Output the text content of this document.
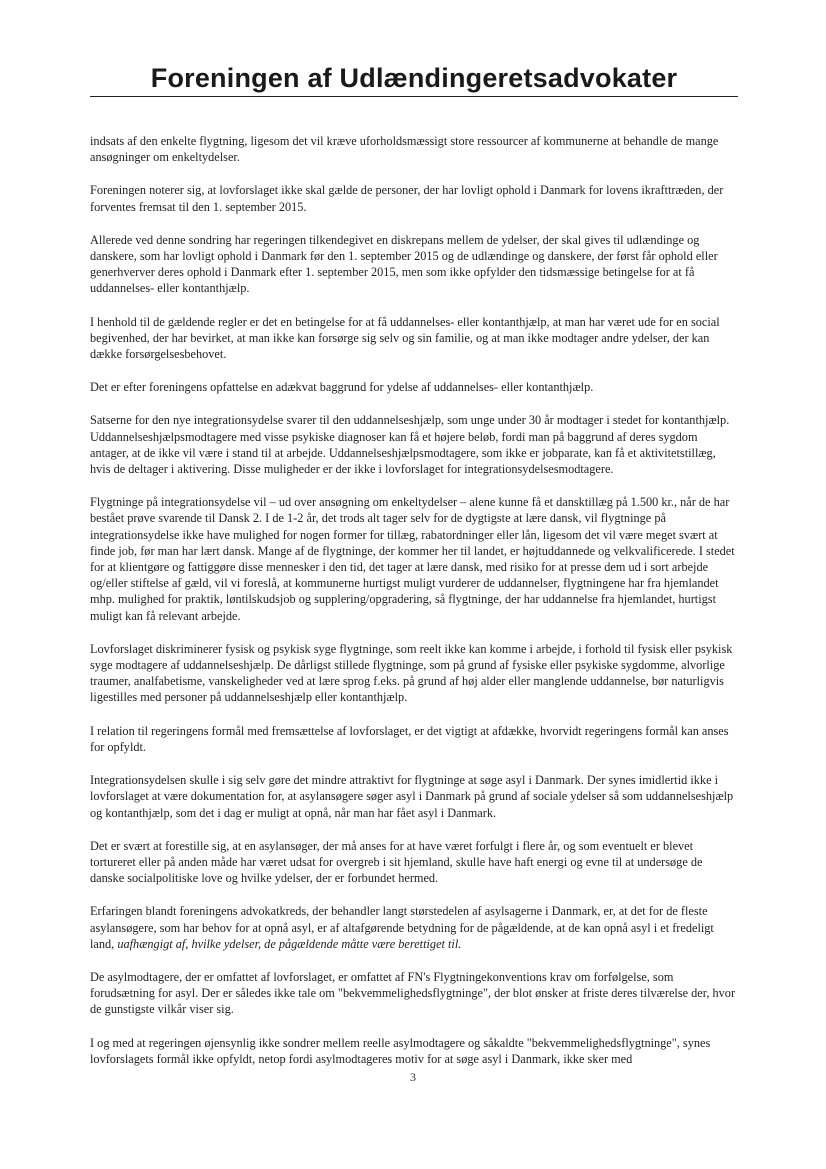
Foreningen af Udlændingeretsadvokater

indsats af den enkelte flygtning, ligesom det vil kræve uforholdsmæssigt store ressourcer af kommunerne at behandle de mange ansøgninger om enkeltydelser.

Foreningen noterer sig, at lovforslaget ikke skal gælde de personer, der har lovligt ophold i Danmark for lovens ikrafttræden, der forventes fremsat til den 1. september 2015.

Allerede ved denne sondring har regeringen tilkendegivet en diskrepans mellem de ydelser, der skal gives til udlændinge og danskere, som har lovligt ophold i Danmark før den 1. september 2015 og de udlændinge og danskere, der først får ophold eller generhverver deres ophold i Danmark efter 1. september 2015, men som ikke opfylder den tidsmæssige betingelse for at få uddannelses- eller kontanthjælp.

I henhold til de gældende regler er det en betingelse for at få uddannelses- eller kontanthjælp, at man har været ude for en social begivenhed, der har bevirket, at man ikke kan forsørge sig selv og sin familie, og at man ikke modtager andre ydelser, der kan dække forsørgelsesbehovet.

Det er efter foreningens opfattelse en adækvat baggrund for ydelse af uddannelses- eller kontanthjælp.

Satserne for den nye integrationsydelse svarer til den uddannelseshjælp, som unge under 30 år modtager i stedet for kontanthjælp. Uddannelseshjælpsmodtagere med visse psykiske diagnoser kan få et højere beløb, fordi man på baggrund af deres sygdom antager, at de ikke vil være i stand til at arbejde. Uddannelseshjælpsmodtagere, som ikke er jobparate, kan få et aktivitetstillæg, hvis de deltager i aktivering. Disse muligheder er der ikke i lovforslaget for integrationsydelsesmodtagere.

Flygtninge på integrationsydelse vil – ud over ansøgning om enkeltydelser – alene kunne få et dansktillæg på 1.500 kr., når de har bestået prøve svarende til Dansk 2. I de 1-2 år, det trods alt tager selv for de dygtigste at lære dansk, vil flygtninge på integrationsydelse ikke have mulighed for nogen former for tillæg, rabatordninger eller lån, ligesom det vil være meget svært at finde job, før man har lært dansk. Mange af de flygtninge, der kommer her til landet, er højtuddannede og velkvalificerede. I stedet for at klientgøre og fattiggøre disse mennesker i den tid, det tager at lære dansk, med risiko for at presse dem ud i sort arbejde og/eller stiftelse af gæld, vil vi foreslå, at kommunerne hurtigst muligt vurderer de uddannelser, flygtningene har fra hjemlandet mhp. mulighed for praktik, løntilskudsjob og supplering/opgradering, så flygtninge, der har uddannelse fra hjemlandet, hurtigst muligt kan få relevant arbejde.

Lovforslaget diskriminerer fysisk og psykisk syge flygtninge, som reelt ikke kan komme i arbejde, i forhold til fysisk eller psykisk syge modtagere af uddannelseshjælp. De dårligst stillede flygtninge, som på grund af fysiske eller psykiske sygdomme, alvorlige traumer, analfabetisme, vanskeligheder ved at lære sprog f.eks. på grund af høj alder eller manglende uddannelse, bør naturligvis ligestilles med personer på uddannelseshjælp eller kontanthjælp.

I relation til regeringens formål med fremsættelse af lovforslaget, er det vigtigt at afdække, hvorvidt regeringens formål kan anses for opfyldt.

Integrationsydelsen skulle i sig selv gøre det mindre attraktivt for flygtninge at søge asyl i Danmark. Der synes imidlertid ikke i lovforslaget at være dokumentation for, at asylansøgere søger asyl i Danmark på grund af sociale ydelser så som uddannelseshjælp og kontanthjælp, som det i dag er muligt at opnå, når man har fået asyl i Danmark.

Det er svært at forestille sig, at en asylansøger, der må anses for at have været forfulgt i flere år, og som eventuelt er blevet tortureret eller på anden måde har været udsat for overgreb i sit hjemland, skulle have haft energi og evne til at undersøge de danske socialpolitiske love og hvilke ydelser, der er forbundet hermed.

Erfaringen blandt foreningens advokatkreds, der behandler langt størstedelen af asylsagerne i Danmark, er, at det for de fleste asylansøgere, som har behov for at opnå asyl, er af altafgørende betydning for de pågældende, at de kan opnå asyl i et fredeligt land, uafhængigt af, hvilke ydelser, de pågældende måtte være berettiget til.

De asylmodtagere, der er omfattet af lovforslaget, er omfattet af FN's Flygtningekonventions krav om forfølgelse, som forudsætning for asyl. Der er således ikke tale om "bekvemmelighedsflygtninge", der blot ønsker at friste deres tilværelse der, hvor de gunstigste vilkår viser sig.

I og med at regeringen øjensynlig ikke sondrer mellem reelle asylmodtagere og såkaldte "bekvemmelighedsflygtninge", synes lovforslagets formål ikke opfyldt, netop fordi asylmodtageres motiv for at søge asyl i Danmark, ikke sker med

3
